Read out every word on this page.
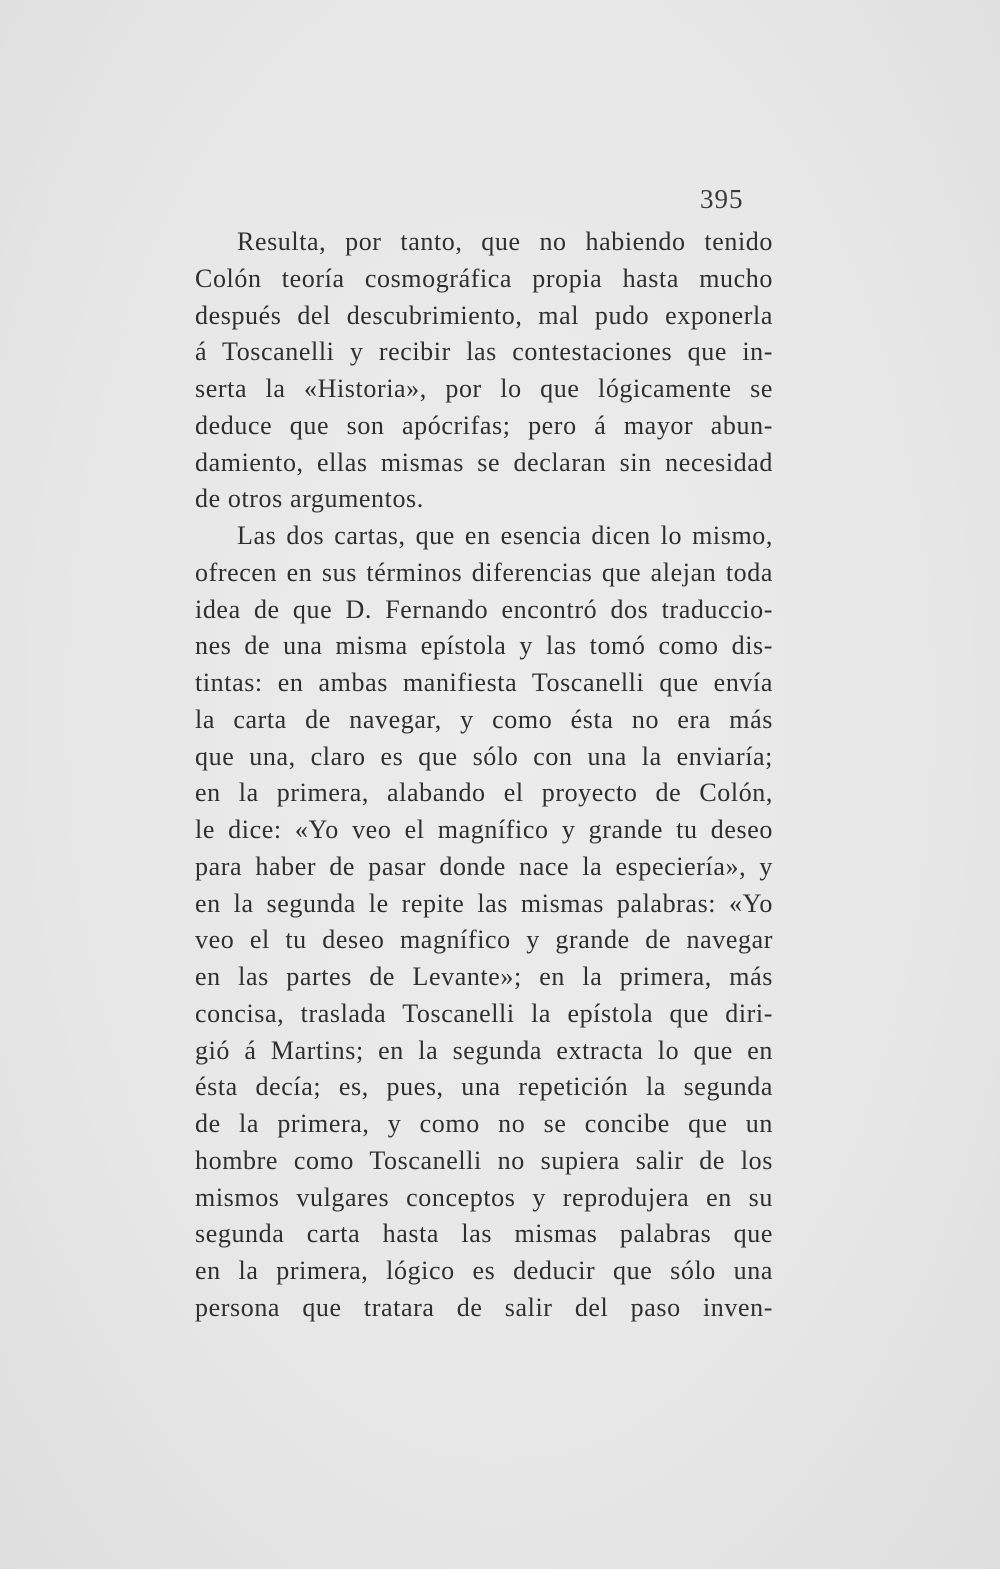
395
Resulta, por tanto, que no habiendo tenido
Colón teoría cosmográfica propia hasta mucho
después del descubrimiento, mal pudo exponerla
á Toscanelli y recibir las contestaciones que in-
serta la «Historia», por lo que lógicamente se
deduce que son apócrifas; pero á mayor abun-
damiento, ellas mismas se declaran sin necesidad
de otros argumentos.
Las dos cartas, que en esencia dicen lo mismo,
ofrecen en sus términos diferencias que alejan toda
idea de que D. Fernando encontró dos traduccio-
nes de una misma epístola y las tomó como dis-
tintas: en ambas manifiesta Toscanelli que envía
la carta de navegar, y como ésta no era más
que una, claro es que sólo con una la enviaría;
en la primera, alabando el proyecto de Colón,
le dice: «Yo veo el magnífico y grande tu deseo
para haber de pasar donde nace la especiería», y
en la segunda le repite las mismas palabras: «Yo
veo el tu deseo magnífico y grande de navegar
en las partes de Levante»; en la primera, más
concisa, traslada Toscanelli la epístola que diri-
gió á Martins; en la segunda extracta lo que en
ésta decía; es, pues, una repetición la segunda
de la primera, y como no se concibe que un
hombre como Toscanelli no supiera salir de los
mismos vulgares conceptos y reprodujera en su
segunda carta hasta las mismas palabras que
en la primera, lógico es deducir que sólo una
persona que tratara de salir del paso inven-
